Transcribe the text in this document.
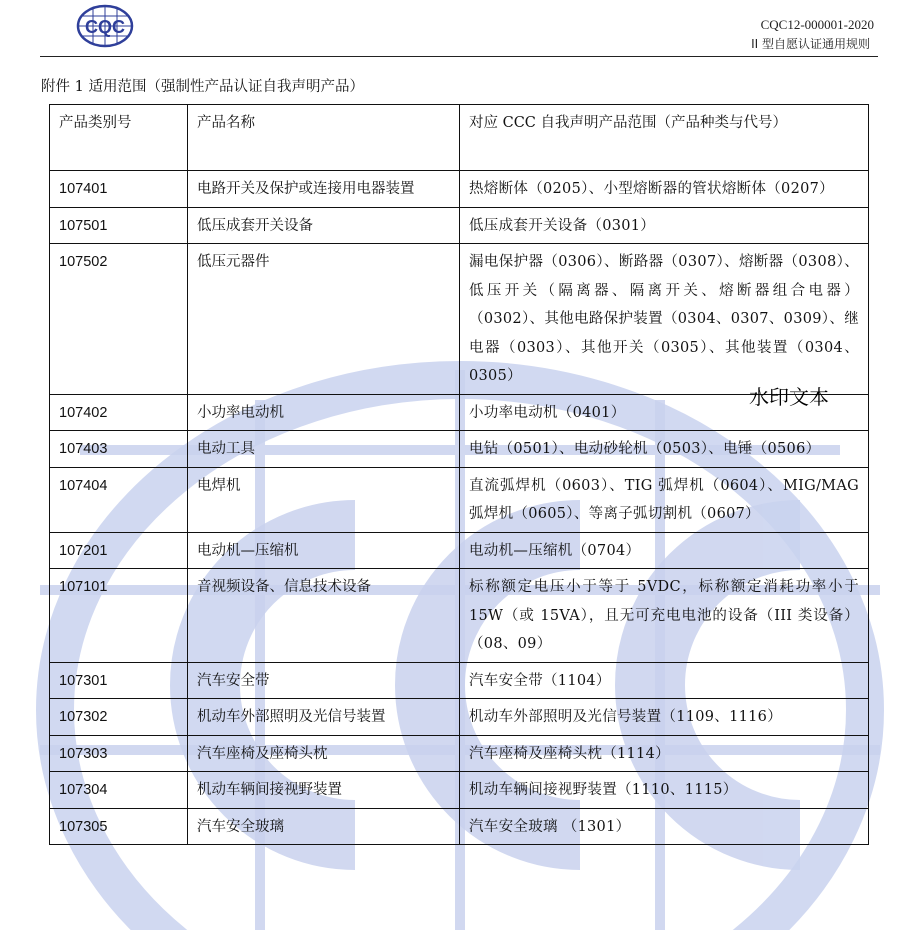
CQC	CQC12-000001-2020
II 型自愿认证通用规则
附件 1 适用范围（强制性产品认证自我声明产品）
产品类别号	产品名称	对应 CCC 自我声明产品范围（产品种类与代号）
107401	电路开关及保护或连接用电器装置	热熔断体（0205）、小型熔断器的管状熔断体（0207）
107501	低压成套开关设备	低压成套开关设备（0301）
107502	低压元器件	漏电保护器（0306）、断路器（0307）、熔断器（0308）、低压开关（隔离器、隔离开关、熔断器组合电器）（0302）、其他电路保护装置（0304、0307、0309）、继电器（0303）、其他开关（0305）、其他装置（0304、0305）
107402	小功率电动机	小功率电动机（0401）
107403	电动工具	电钻（0501）、电动砂轮机（0503）、电锤（0506）
107404	电焊机	直流弧焊机（0603）、TIG 弧焊机（0604）、MIG/MAG 弧焊机（0605）、等离子弧切割机（0607）
107201	电动机—压缩机	电动机—压缩机（0704）
107101	音视频设备、信息技术设备	标称额定电压小于等于 5VDC，标称额定消耗功率小于 15W（或 15VA），且无可充电电池的设备（III 类设备）（08、09）
107301	汽车安全带	汽车安全带（1104）
107302	机动车外部照明及光信号装置	机动车外部照明及光信号装置（1109、1116）
107303	汽车座椅及座椅头枕	汽车座椅及座椅头枕（1114）
107304	机动车辆间接视野装置	机动车辆间接视野装置（1110、1115）
107305	汽车安全玻璃	汽车安全玻璃 （1301）
水印文本
